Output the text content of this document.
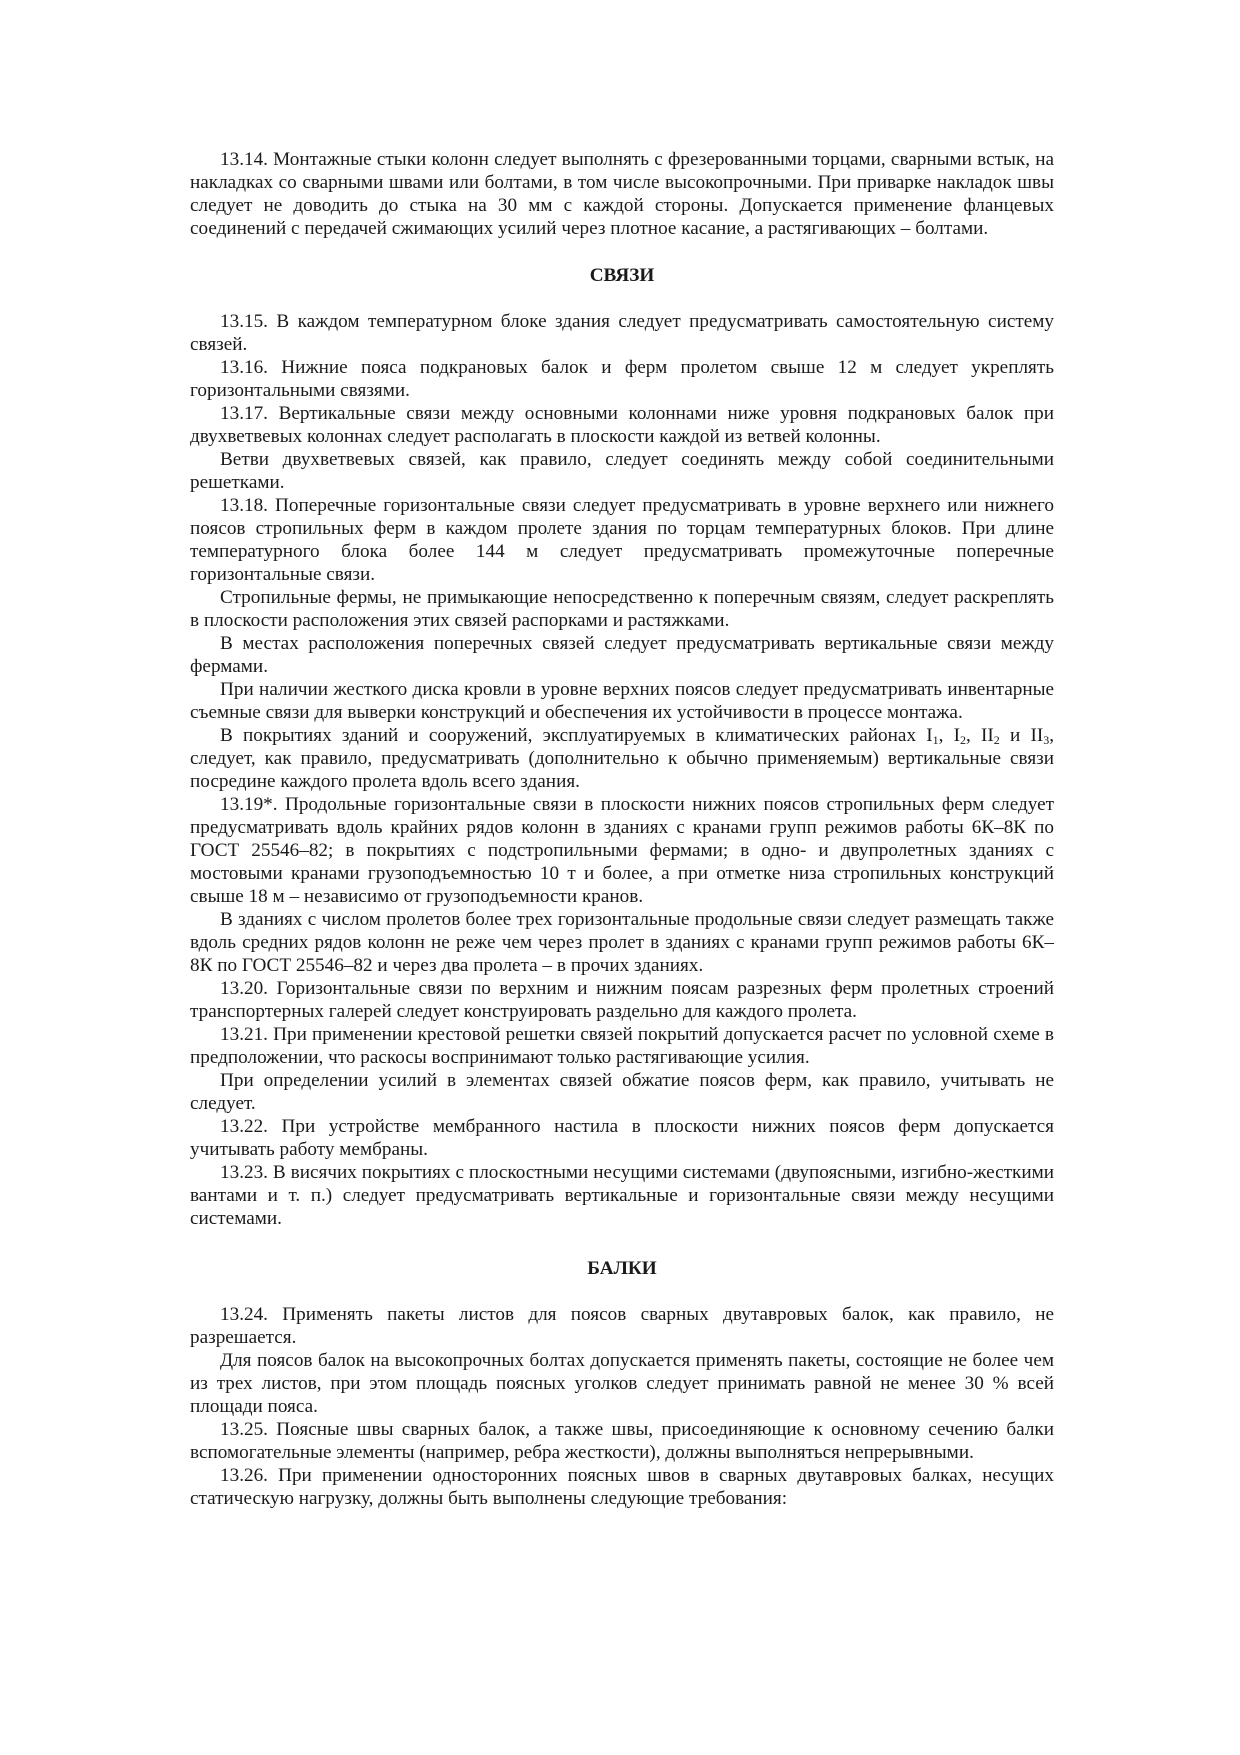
13.14. Монтажные стыки колонн следует выполнять с фрезерованными торцами, сварными встык, на накладках со сварными швами или болтами, в том числе высокопрочными. При приварке накладок швы следует не доводить до стыка на 30 мм с каждой стороны. Допускается применение фланцевых соединений с передачей сжимающих усилий через плотное касание, а растягивающих – болтами.

СВЯЗИ

13.15. В каждом температурном блоке здания следует предусматривать самостоятельную систему связей.

13.16. Нижние пояса подкрановых балок и ферм пролетом свыше 12 м следует укреплять горизонтальными связями.

13.17. Вертикальные связи между основными колоннами ниже уровня подкрановых балок при двухветвевых колоннах следует располагать в плоскости каждой из ветвей колонны.

Ветви двухветвевых связей, как правило, следует соединять между собой соединительными решетками.

13.18. Поперечные горизонтальные связи следует предусматривать в уровне верхнего или нижнего поясов стропильных ферм в каждом пролете здания по торцам температурных блоков. При длине температурного блока более 144 м следует предусматривать промежуточные поперечные горизонтальные связи.

Стропильные фермы, не примыкающие непосредственно к поперечным связям, следует раскреплять в плоскости расположения этих связей распорками и растяжками.

В местах расположения поперечных связей следует предусматривать вертикальные связи между фермами.

При наличии жесткого диска кровли в уровне верхних поясов следует предусматривать инвентарные съемные связи для выверки конструкций и обеспечения их устойчивости в процессе монтажа.

В покрытиях зданий и сооружений, эксплуатируемых в климатических районах $I_1$, $I_2$, $II_2$ и $II_3$, следует, как правило, предусматривать (дополнительно к обычно применяемым) вертикальные связи посредине каждого пролета вдоль всего здания.

13.19*. Продольные горизонтальные связи в плоскости нижних поясов стропильных ферм следует предусматривать вдоль крайних рядов колонн в зданиях с кранами групп режимов работы 6К–8К по ГОСТ 25546–82; в покрытиях с подстропильными фермами; в одно- и двупролетных зданиях с мостовыми кранами грузоподъемностью 10 т и более, а при отметке низа стропильных конструкций свыше 18 м – независимо от грузоподъемности кранов.

В зданиях с числом пролетов более трех горизонтальные продольные связи следует размещать также вдоль средних рядов колонн не реже чем через пролет в зданиях с кранами групп режимов работы 6К–8К по ГОСТ 25546–82 и через два пролета – в прочих зданиях.

13.20. Горизонтальные связи по верхним и нижним поясам разрезных ферм пролетных строений транспортерных галерей следует конструировать раздельно для каждого пролета.

13.21. При применении крестовой решетки связей покрытий допускается расчет по условной схеме в предположении, что раскосы воспринимают только растягивающие усилия.

При определении усилий в элементах связей обжатие поясов ферм, как правило, учитывать не следует.

13.22. При устройстве мембранного настила в плоскости нижних поясов ферм допускается учитывать работу мембраны.

13.23. В висячих покрытиях с плоскостными несущими системами (двупоясными, изгибно-жесткими вантами и т. п.) следует предусматривать вертикальные и горизонтальные связи между несущими системами.

БАЛКИ

13.24. Применять пакеты листов для поясов сварных двутавровых балок, как правило, не разрешается.

Для поясов балок на высокопрочных болтах допускается применять пакеты, состоящие не более чем из трех листов, при этом площадь поясных уголков следует принимать равной не менее 30 % всей площади пояса.

13.25. Поясные швы сварных балок, а также швы, присоединяющие к основному сечению балки вспомогательные элементы (например, ребра жесткости), должны выполняться непрерывными.

13.26. При применении односторонних поясных швов в сварных двутавровых балках, несущих статическую нагрузку, должны быть выполнены следующие требования:
